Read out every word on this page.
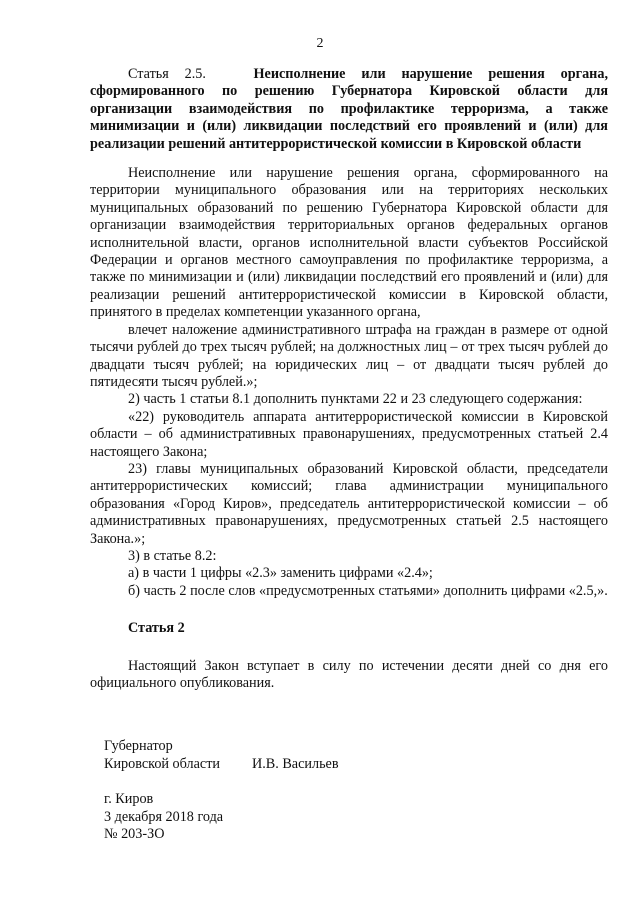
2

Статья 2.5.	Неисполнение или нарушение решения органа, сформированного по решению Губернатора Кировской области для организации взаимодействия по профилактике терроризма, а также минимизации и (или) ликвидации последствий его проявлений и (или) для реализации решений антитеррористической комиссии в Кировской области

Неисполнение или нарушение решения органа, сформированного на территории муниципального образования или на территориях нескольких муниципальных образований по решению Губернатора Кировской области для организации взаимодействия территориальных органов федеральных органов исполнительной власти, органов исполнительной власти субъектов Российской Федерации и органов местного самоуправления по профилактике терроризма, а также по минимизации и (или) ликвидации последствий его проявлений и (или) для реализации решений антитеррористической комиссии в Кировской области, принятого в пределах компетенции указанного органа,

влечет наложение административного штрафа на граждан в размере от одной тысячи рублей до трех тысяч рублей; на должностных лиц – от трех тысяч рублей до двадцати тысяч рублей; на юридических лиц – от двадцати тысяч рублей до пятидесяти тысяч рублей.»;

2) часть 1 статьи 8.1 дополнить пунктами 22 и 23 следующего содержания:

«22) руководитель аппарата антитеррористической комиссии в Кировской области – об административных правонарушениях, предусмотренных статьей 2.4 настоящего Закона;

23) главы муниципальных образований Кировской области, председатели антитеррористических комиссий; глава администрации муниципального образования «Город Киров», председатель антитеррористической комиссии – об административных правонарушениях, предусмотренных статьей 2.5 настоящего Закона.»;

3) в статье 8.2:

а) в части 1 цифры «2.3» заменить цифрами «2.4»;

б) часть 2 после слов «предусмотренных статьями» дополнить цифрами «2.5,».

Статья 2

Настоящий Закон вступает в силу по истечении десяти дней со дня его официального опубликования.

Губернатор
Кировской области И.В. Васильев
г. Киров
3 декабря 2018 года
№ 203-ЗО
